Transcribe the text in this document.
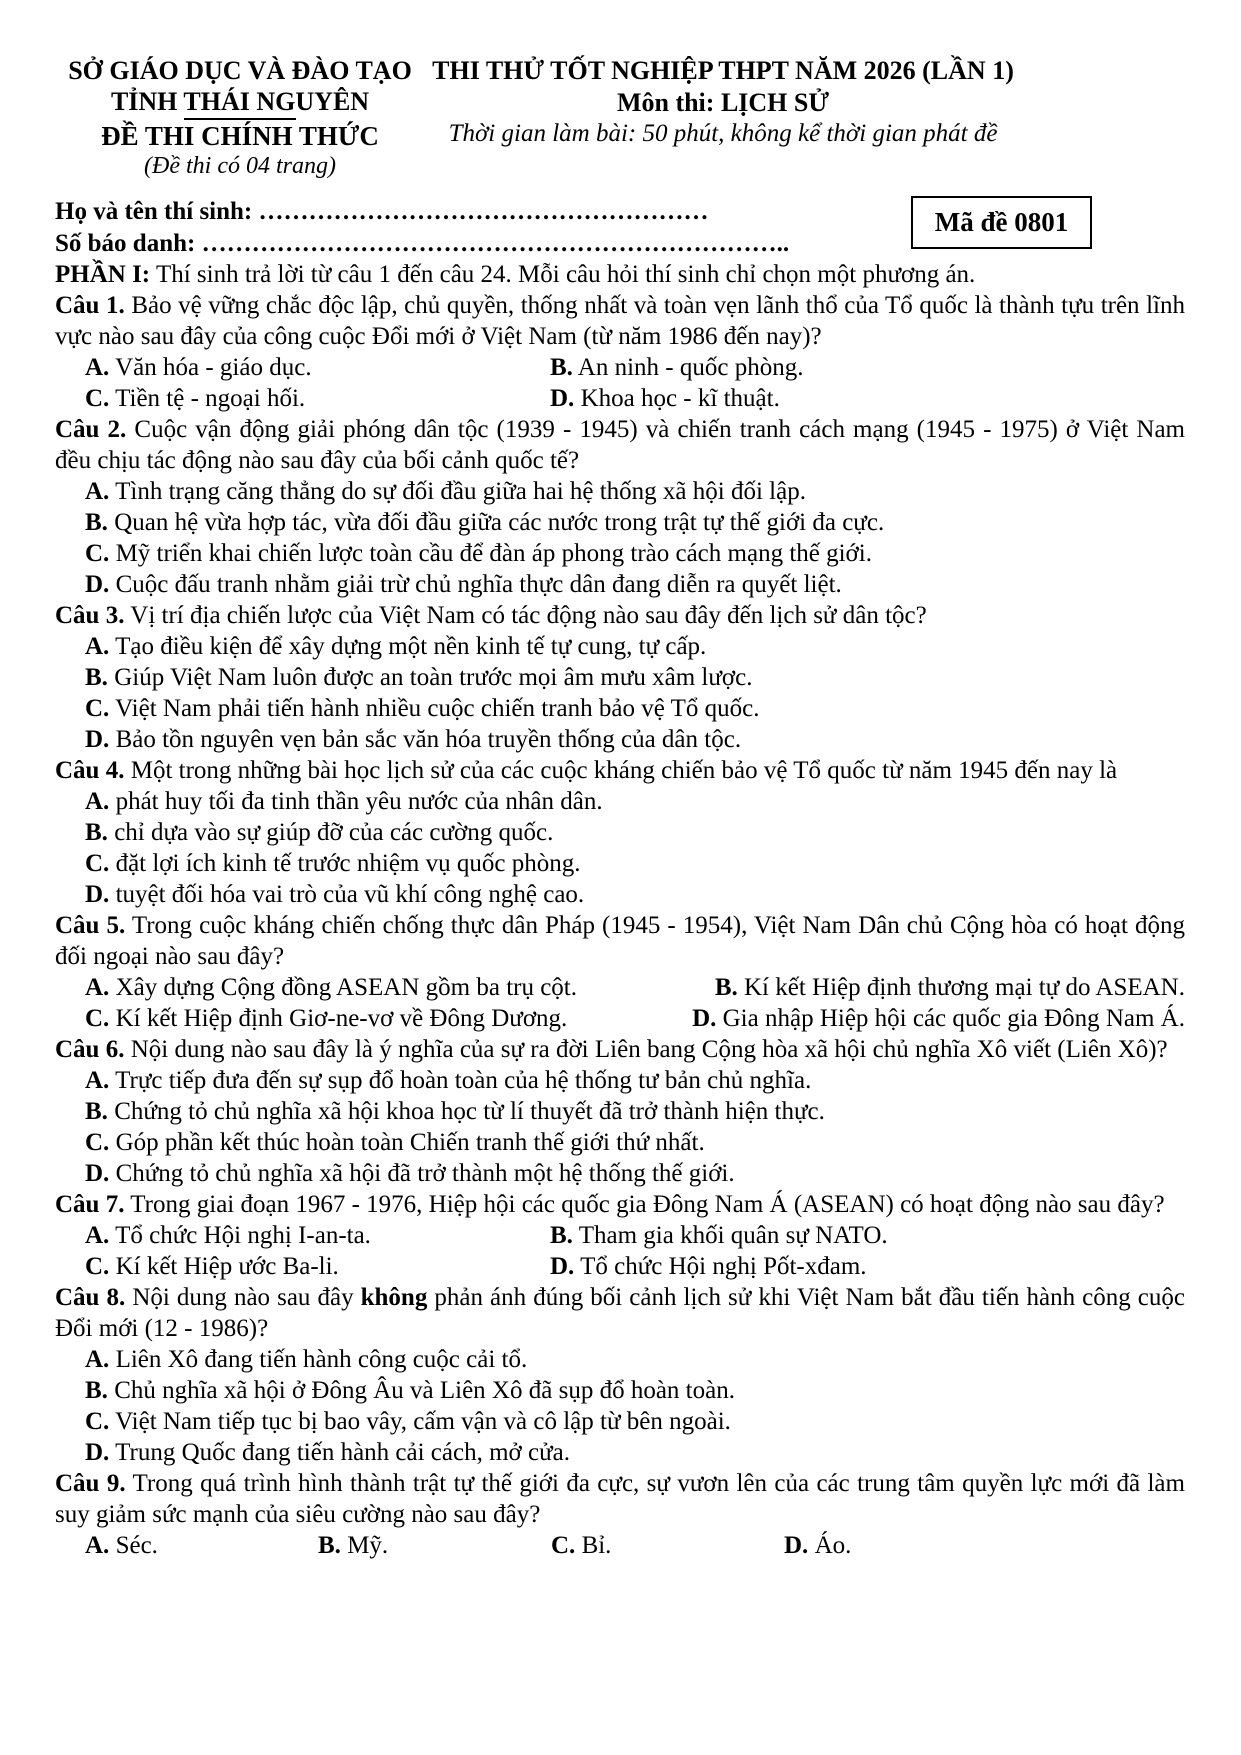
SỞ GIÁO DỤC VÀ ĐÀO TẠO
TỈNH THÁI NGUYÊN
ĐỀ THI CHÍNH THỨC
(Đề thi có 04 trang)
THI THỬ TỐT NGHIỆP THPT NĂM 2026 (LẦN 1)
Môn thi: LỊCH SỬ
Thời gian làm bài: 50 phút, không kể thời gian phát đề
Họ và tên thí sinh: ………………………………………………
Số báo danh: ……………………………………………………………..
Mã đề 0801

PHẦN I: Thí sinh trả lời từ câu 1 đến câu 24. Mỗi câu hỏi thí sinh chỉ chọn một phương án.

Câu 1. Bảo vệ vững chắc độc lập, chủ quyền, thống nhất và toàn vẹn lãnh thổ của Tổ quốc là thành tựu trên lĩnh vực nào sau đây của công cuộc Đổi mới ở Việt Nam (từ năm 1986 đến nay)?

A. Văn hóa - giáo dục.	B. An ninh - quốc phòng.
C. Tiền tệ - ngoại hối.	D. Khoa học - kĩ thuật.

Câu 2. Cuộc vận động giải phóng dân tộc (1939 - 1945) và chiến tranh cách mạng (1945 - 1975) ở Việt Nam đều chịu tác động nào sau đây của bối cảnh quốc tế?

A. Tình trạng căng thẳng do sự đối đầu giữa hai hệ thống xã hội đối lập.
B. Quan hệ vừa hợp tác, vừa đối đầu giữa các nước trong trật tự thế giới đa cực.
C. Mỹ triển khai chiến lược toàn cầu để đàn áp phong trào cách mạng thế giới.
D. Cuộc đấu tranh nhằm giải trừ chủ nghĩa thực dân đang diễn ra quyết liệt.

Câu 3. Vị trí địa chiến lược của Việt Nam có tác động nào sau đây đến lịch sử dân tộc?

A. Tạo điều kiện để xây dựng một nền kinh tế tự cung, tự cấp.
B. Giúp Việt Nam luôn được an toàn trước mọi âm mưu xâm lược.
C. Việt Nam phải tiến hành nhiều cuộc chiến tranh bảo vệ Tổ quốc.
D. Bảo tồn nguyên vẹn bản sắc văn hóa truyền thống của dân tộc.

Câu 4. Một trong những bài học lịch sử của các cuộc kháng chiến bảo vệ Tổ quốc từ năm 1945 đến nay là

A. phát huy tối đa tinh thần yêu nước của nhân dân.
B. chỉ dựa vào sự giúp đỡ của các cường quốc.
C. đặt lợi ích kinh tế trước nhiệm vụ quốc phòng.
D. tuyệt đối hóa vai trò của vũ khí công nghệ cao.

Câu 5. Trong cuộc kháng chiến chống thực dân Pháp (1945 - 1954), Việt Nam Dân chủ Cộng hòa có hoạt động đối ngoại nào sau đây?

A. Xây dựng Cộng đồng ASEAN gồm ba trụ cột.	B. Kí kết Hiệp định thương mại tự do ASEAN.
C. Kí kết Hiệp định Giơ-ne-vơ về Đông Dương.	D. Gia nhập Hiệp hội các quốc gia Đông Nam Á.

Câu 6. Nội dung nào sau đây là ý nghĩa của sự ra đời Liên bang Cộng hòa xã hội chủ nghĩa Xô viết (Liên Xô)?

A. Trực tiếp đưa đến sự sụp đổ hoàn toàn của hệ thống tư bản chủ nghĩa.
B. Chứng tỏ chủ nghĩa xã hội khoa học từ lí thuyết đã trở thành hiện thực.
C. Góp phần kết thúc hoàn toàn Chiến tranh thế giới thứ nhất.
D. Chứng tỏ chủ nghĩa xã hội đã trở thành một hệ thống thế giới.

Câu 7. Trong giai đoạn 1967 - 1976, Hiệp hội các quốc gia Đông Nam Á (ASEAN) có hoạt động nào sau đây?

A. Tổ chức Hội nghị I-an-ta.	B. Tham gia khối quân sự NATO.
C. Kí kết Hiệp ước Ba-li.	D. Tổ chức Hội nghị Pốt-xđam.

Câu 8. Nội dung nào sau đây không phản ánh đúng bối cảnh lịch sử khi Việt Nam bắt đầu tiến hành công cuộc Đổi mới (12 - 1986)?

A. Liên Xô đang tiến hành công cuộc cải tổ.
B. Chủ nghĩa xã hội ở Đông Âu và Liên Xô đã sụp đổ hoàn toàn.
C. Việt Nam tiếp tục bị bao vây, cấm vận và cô lập từ bên ngoài.
D. Trung Quốc đang tiến hành cải cách, mở cửa.

Câu 9. Trong quá trình hình thành trật tự thế giới đa cực, sự vươn lên của các trung tâm quyền lực mới đã làm suy giảm sức mạnh của siêu cường nào sau đây?

A. Séc.	B. Mỹ.	C. Bỉ.	D. Áo.
